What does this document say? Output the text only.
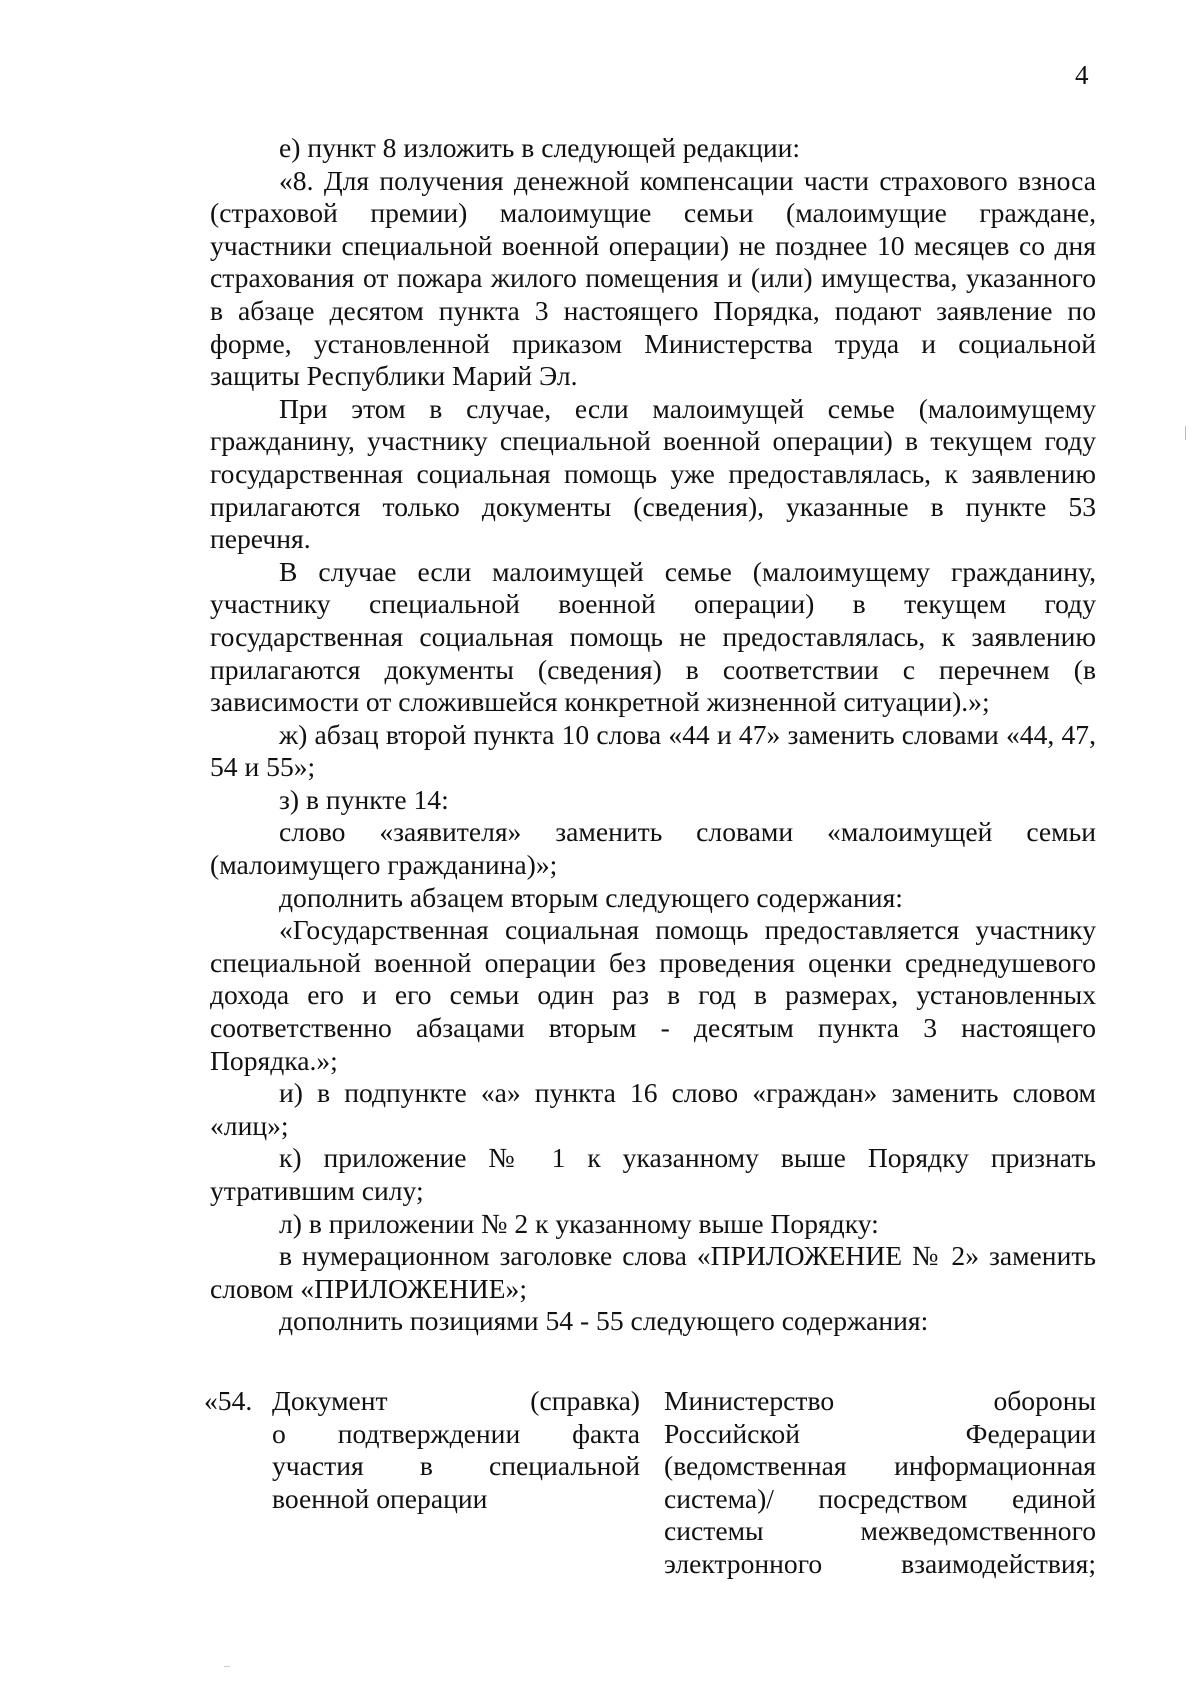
4

е) пункт 8 изложить в следующей редакции:

«8. Для получения денежной компенсации части страхового взноса (страховой премии) малоимущие семьи (малоимущие граждане, участники специальной военной операции) не позднее 10 месяцев со дня страхования от пожара жилого помещения и (или) имущества, указанного в абзаце десятом пункта 3 настоящего Порядка, подают заявление по форме, установленной приказом Министерства труда и социальной защиты Республики Марий Эл.

При этом в случае, если малоимущей семье (малоимущему гражданину, участнику специальной военной операции) в текущем году государственная социальная помощь уже предоставлялась, к заявлению прилагаются только документы (сведения), указанные в пункте 53 перечня.

В случае если малоимущей семье (малоимущему гражданину, участнику специальной военной операции) в текущем году государственная социальная помощь не предоставлялась, к заявлению прилагаются документы (сведения) в соответствии с перечнем (в зависимости от сложившейся конкретной жизненной ситуации).»;

ж) абзац второй пункта 10 слова «44 и 47» заменить словами «44, 47, 54 и 55»;

з) в пункте 14:

слово «заявителя» заменить словами «малоимущей семьи (малоимущего гражданина)»;

дополнить абзацем вторым следующего содержания:

«Государственная социальная помощь предоставляется участнику специальной военной операции без проведения оценки среднедушевого дохода его и его семьи один раз в год в размерах, установленных соответственно абзацами вторым - десятым пункта 3 настоящего Порядка.»;

и) в подпункте «а» пункта 16 слово «граждан» заменить словом «лиц»;

к) приложение № 1 к указанному выше Порядку признать утратившим силу;

л) в приложении № 2 к указанному выше Порядку:

в нумерационном заголовке слова «ПРИЛОЖЕНИЕ № 2» заменить словом «ПРИЛОЖЕНИЕ»;

дополнить позициями 54 - 55 следующего содержания:

«54. Документ (справка)
о подтверждении факта
участия в специальной
военной операции
Министерство обороны
Российской Федерации
(ведомственная информационная
система)/ посредством единой
системы межведомственного
электронного взаимодействия;
